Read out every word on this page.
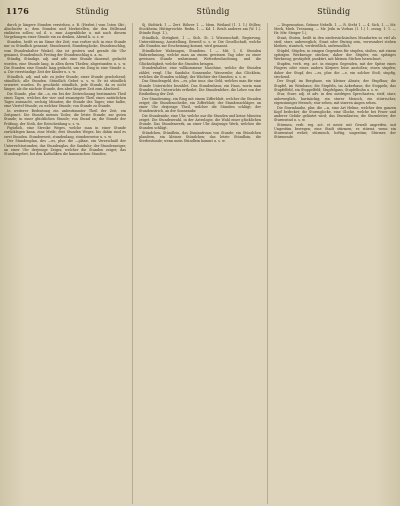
1176	Stündig	Stündig	Stündig

durch je längere Stunden verstehen, z. B. (Herbst.) vom 1sten Okt.; Abschnitte u.; dem Stunden und Merkstellen, die den Stillstand einläuten sollen; sol il. z. zum Augenblicke u. mit nach diesem Vorgehungen einer Stunde ein zu denken, Abend k. u. s. w.

Stunden, heißt es im Sinne der Zeit; was vorher sich in eine Stunde nur so Stündlich genannt; Stundenzeit, Stundenglocke, Stundenschlag, vom Stundenhalter Winkel, das ist gestern und gerade die Uhr genannt, Stundenbuch Freitag der Stundenschlag u. a. m.

Stündig, Stündige, adj. und adv. eine Stunde dauernd, gedacht worden, eine Stunde lang, in allen ihren Theilen; abgestunden u. s. w. Die Stunden eine Stunde lang gedacht, um ein Ding in eine Stunde u. a. Die vierstündige Zeit der Kinder u. s. w.

Stündlich, adj. und adv. zu jeder Stunde; einer Stunde geschehend; stündlich; alle Stunden. Stündlich Gebet u. s. w. Er ist stündlich erwartet worden. Es geschieht stündlich, jede Stunde, da es nicht länger, als die nächste Stunde, den aber längere Zeit zum Abschied.

Die Stunde, plur. die —n, ein bei der Zeitrechnung bestimmtes Theil eines Tages, welches der vier und zwanzigste Theil eines natürlichen Tages ausmacht, sechzig Minuten; die Stunde des Tages; eine halbe, eine Viertel-Stunde; zu welcher Stunde; von Stunde zu Stunde.

In weiterer Bedeutung ein unbestimmter Theil der Zeit, ein Zeitpunct. Die Stunde meines Todes; die letzte Stunde; zur guten Stunde; in einer glücklichen Stunde; von Stund an; die Stunde der Prüfung, der Noth, der Entscheidung u. s. w.

Figürlich, eine Strecke Weges, welche man in einer Stunde zurücklegen kann, eine Meile; drei Stunden Weges, bis dahin sind es zwei Stunden. Stundenweit, stundenlang, stundenweise u. s. w.

Der Stundenplan, des —es, plur. die —pläne, ein Verzeichniß der Unterrichtsstunden; das Stundenglas, die Sanduhr; der Stundenzeiger, an einer Uhr derjenige Zeiger, welcher die Stunden zeiget; das Stundengebet, bei den Katholiken die kanonischen Stunden.

Sj, Südtürk. 1 — Zert. Röhrer 1. — Mem. Weiland (1. 1. 1.) Stillen; Stockheim, Hüttigreichte. Redm. 1. — Kd. 1. Reich anderes am (W. 1.). Stünde Bogt. 1.),

Stündlich, Stetigkeit, 1 — Sich. St. 2 Wissenschaft, Regierung, Unterstützung, Ausstellung, Beweiß u. s. w. Die Gesellschaft, welche alle Stunden zur Erscheinung kommt, wird genannt.

Stündlicher Wahrsagen, Stundens. 1 — Mit. 1, S. Stunden Wahrnehmung, welche man an einem gewissen Tag oder zu einer gewissen Stunde wahrnimmt, Wetterbeobachtung, und die Glückseligkeit, welche die Stunden bringen.

Stundenhalter, eine vollkommene Maschine, welche die Stunden zählet, vergl. Uhr, Sanduhr, Sonnenuhr, Wasseruhr; das Glöcklein, welches die Stunden schlägt; der Wächter der Stunden; u. s. w.

Das Stundengeld, des —es, plur. inus. das Geld, welches man für eine Stunde Unterrichts bezahlet. Das Stundenhaus, ein Haus, worin man Stunden des Unterrichts ertheilet. Die Stundenlehre, die Lehre von der Eintheilung der Zeit.

Der Stundenring, ein Ring mit einem Zifferblatt, welcher die Stunden zeiget; die Stundenscheibe, ein Zifferblatt; der Stundenschläger, an einer Uhr derjenige Theil, welcher die Stunden schlägt; der Stundenstrich, an der Sonnenuhr.

Die Stundenuhr, eine Uhr, welche nur die Stunden und keine Minuten zeiget. Die Stundenwahl, in der Astrologie, die Wahl einer glücklichen Stunde. Das Stundenwerk, an einer Uhr dasjenige Werk, welches die Stunden schlägt.

Stündchen, Stündlein, das Diminutivum von Stunde; ein Stündchen plaudern, ein kleines Stündchen; das letzte Stündlein, die Sterbestunde; wenn mein Stündlein kommt u. s. w.

— Dispensation, Grünne Nebelb. 1. — R. Steht 1. — 4. Sich, 1. — Mr. Merk, Mieb. Trennung, — Mr. Jeiln in Vorbau (1. 1.) 1. orzag. 1. 1. — Hr. Mtr. Steiger 1.),

Stunt, Stuten, heißt in den niedersächsischen Mundarten so viel als steif, starr, unbeweglich; Stunt oder Stutzig sein, verwundert stehen bleiben; stuntsch, verdrießlich, unfreundlich.

Stüpfel, Stüpfen, in einigen Gegenden für stupfen, stoßen, mit einem spitzigen Werkzeuge stechen; daher der Stüpfer, ein spitziges Werkzeug; gestüpfelt, punktirt, mit kleinen Stichen bezeichnet.

Stupfen, verb. reg. act. in einigen Gegenden, mit der Spitze eines Fingers oder eines andern Körpers leise anstoßen; einen stupfen; daher der Stupf, des —es, plur. die —e, ein solcher Stoß; stupfig, stechend.

Der Stupf, im Bergbaue, ein kleiner Absatz; der Stupfbau; die Stupfel, im Weinbaue; die Stupfeln, im Ackerbaue, die Stoppeln; das Stupfelfeld, ein Stoppelfeld; Stupfelgans, Stupfelhuhn u. s. w.

Stur, Sturr, adj. et adv. in den niedrigen Sprecharten, steif, starr, unbeweglich, hartnäckig; ein sturer Mensch, ein störrischer, eigensinniger Mensch; stur sehen, mit starren Augen sehen.

Die Sturmhaube, plur. die —n, eine Art Helme, welcher den ganzen Kopf bedecket; die Sturmglocke, eine Glocke, welche bei Feuer und anderer Gefahr geläutet wird; das Sturmläuten; die Sturmleiter; der Sturmwind u. s. w.

Stürmen, verb. reg. act. et neutr. mit Gewalt angreifen, mit Ungestüm bewegen; eine Stadt stürmen; es stürmt, wenn ein Sturmwind wehet; stürmisch, heftig, ungestüm; Stürmer, der Stürmende.
